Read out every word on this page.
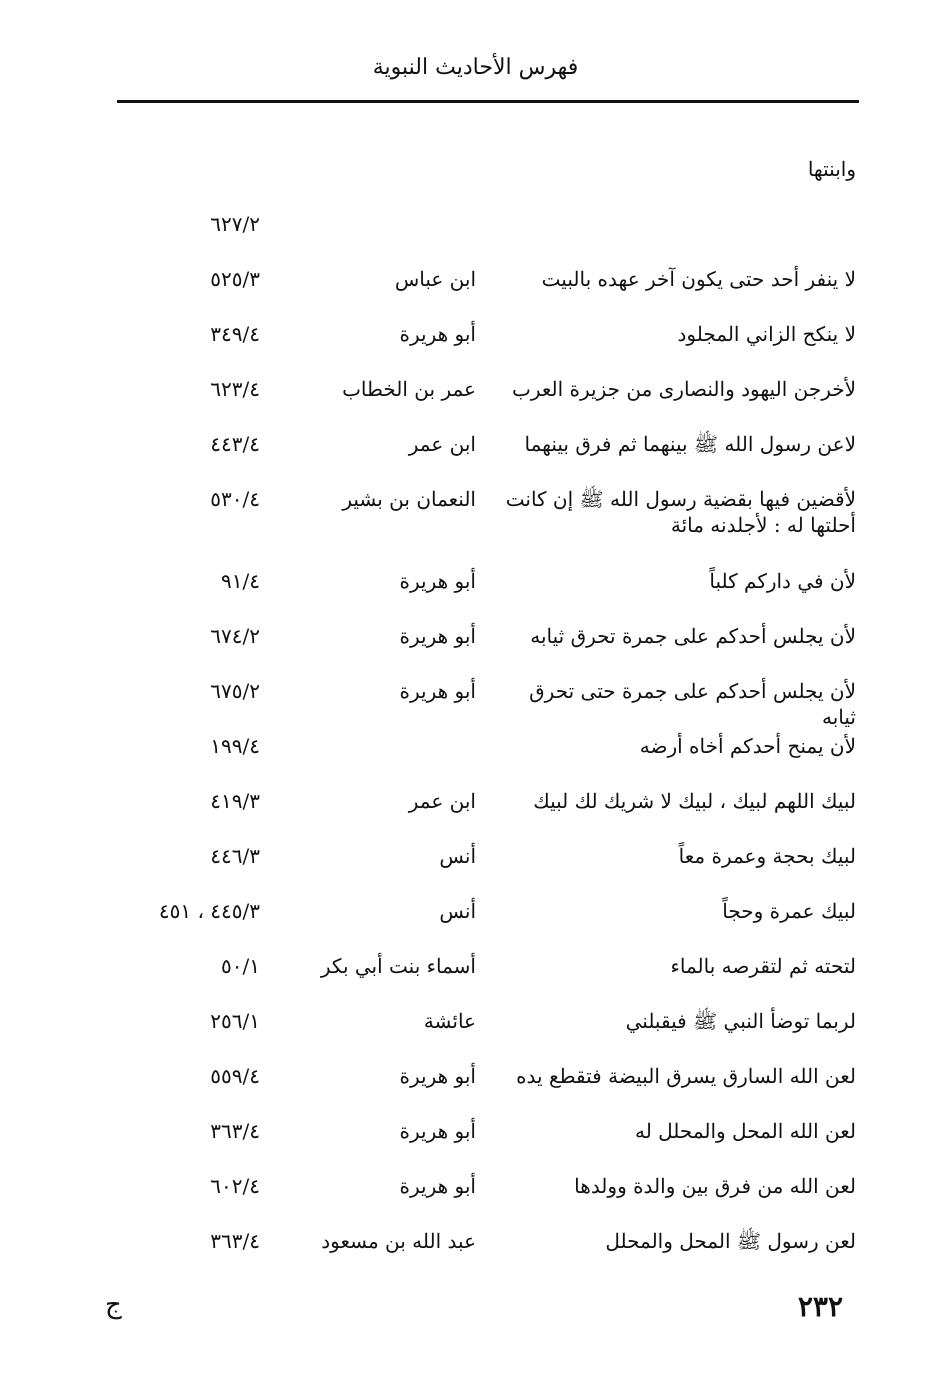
فهرس الأحاديث النبوية
وابنتها
٦٢٧/٢
لا ينفر أحد حتى يكون آخر عهده بالبيت
ابن عباس
٥٢٥/٣
لا ينكح الزاني المجلود
أبو هريرة
٣٤٩/٤
لأخرجن اليهود والنصارى من جزيرة العرب
عمر بن الخطاب
٦٢٣/٤
لاعن رسول الله ﷺ بينهما ثم فرق بينهما
ابن عمر
٤٤٣/٤
لأقضين فيها بقضية رسول الله ﷺ إن كانت أحلتها له : لأجلدنه مائة
النعمان بن بشير
٥٣٠/٤
لأن في داركم كلباً
أبو هريرة
٩١/٤
لأن يجلس أحدكم على جمرة تحرق ثيابه
أبو هريرة
٦٧٤/٢
لأن يجلس أحدكم على جمرة حتى تحرق ثيابه
أبو هريرة
٦٧٥/٢
لأن يمنح أحدكم أخاه أرضه
١٩٩/٤
لبيك اللهم لبيك ، لبيك لا شريك لك لبيك
ابن عمر
٤١٩/٣
لبيك بحجة وعمرة معاً
أنس
٤٤٦/٣
لبيك عمرة وحجاً
أنس
٤٤٥/٣ ، ٤٥١
لتحته ثم لتقرصه بالماء
أسماء بنت أبي بكر
٥٠/١
لربما توضأ النبي ﷺ فيقبلني
عائشة
٢٥٦/١
لعن الله السارق يسرق البيضة فتقطع يده
أبو هريرة
٥٥٩/٤
لعن الله المحل والمحلل له
أبو هريرة
٣٦٣/٤
لعن الله من فرق بين والدة وولدها
أبو هريرة
٦٠٢/٤
لعن رسول ﷺ المحل والمحلل
عبد الله بن مسعود
٣٦٣/٤
٢٣٢
ج
